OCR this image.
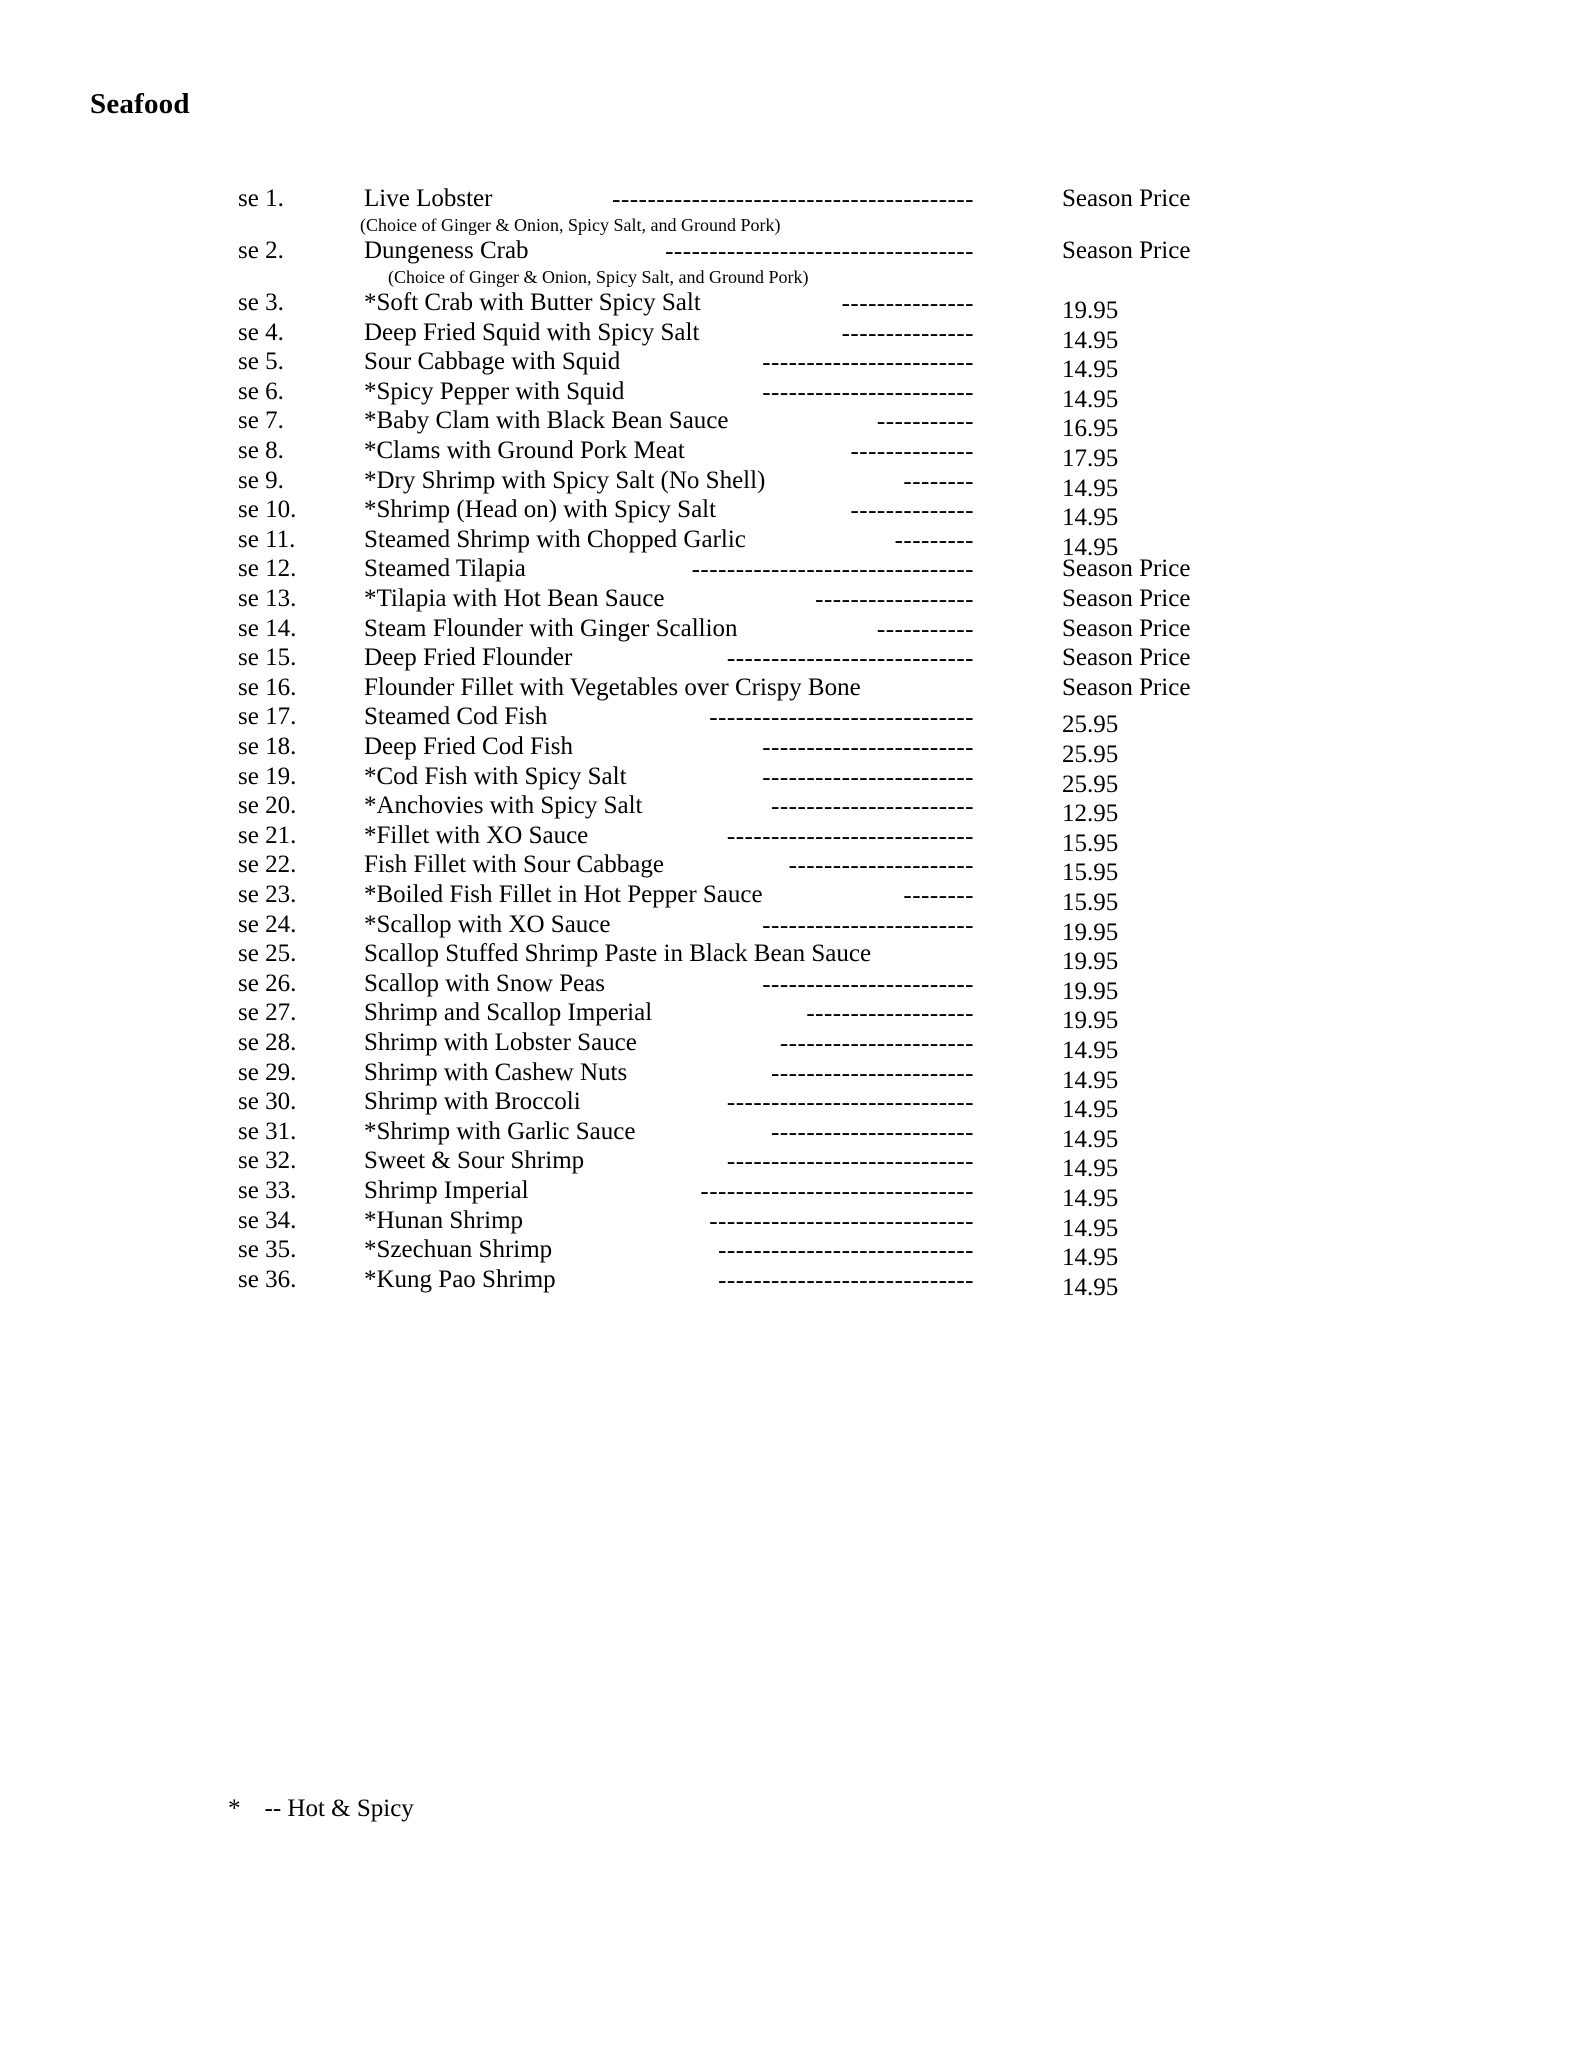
Seafood
se 1.	Live Lobster	-----------------------------------------	Season Price
(Choice of Ginger & Onion, Spicy Salt, and Ground Pork)
se 2.	Dungeness Crab	-----------------------------------	Season Price
(Choice of Ginger & Onion, Spicy Salt, and Ground Pork)
se 3.	*Soft Crab with Butter Spicy Salt	---------------	19.95
se 4.	Deep Fried Squid with Spicy Salt	---------------	14.95
se 5.	Sour Cabbage with Squid	------------------------	14.95
se 6.	*Spicy Pepper with Squid	------------------------	14.95
se 7.	*Baby Clam with Black Bean Sauce	-----------	16.95
se 8.	*Clams with Ground Pork Meat	--------------	17.95
se 9.	*Dry Shrimp with Spicy Salt (No Shell)	--------	14.95
se 10.	*Shrimp (Head on) with Spicy Salt	--------------	14.95
se 11.	Steamed Shrimp with Chopped Garlic	---------	14.95
se 12.	Steamed Tilapia	--------------------------------	Season Price
se 13.	*Tilapia with Hot Bean Sauce	------------------	Season Price
se 14.	Steam Flounder with Ginger Scallion	-----------	Season Price
se 15.	Deep Fried Flounder	----------------------------	Season Price
se 16.	Flounder Fillet with Vegetables over Crispy Bone	Season Price
se 17.	Steamed Cod Fish	------------------------------	25.95
se 18.	Deep Fried Cod Fish	------------------------	25.95
se 19.	*Cod Fish with Spicy Salt	------------------------	25.95
se 20.	*Anchovies with Spicy Salt	-----------------------	12.95
se 21.	*Fillet with XO Sauce	----------------------------	15.95
se 22.	Fish Fillet with Sour Cabbage	---------------------	15.95
se 23.	*Boiled Fish Fillet in Hot Pepper Sauce	--------	15.95
se 24.	*Scallop with XO Sauce	------------------------	19.95
se 25.	Scallop Stuffed Shrimp Paste in Black Bean Sauce	19.95
se 26.	Scallop with Snow Peas	------------------------	19.95
se 27.	Shrimp and Scallop Imperial	-------------------	19.95
se 28.	Shrimp with Lobster Sauce	----------------------	14.95
se 29.	Shrimp with Cashew Nuts	-----------------------	14.95
se 30.	Shrimp with Broccoli	----------------------------	14.95
se 31.	*Shrimp with Garlic Sauce	-----------------------	14.95
se 32.	Sweet & Sour Shrimp	----------------------------	14.95
se 33.	Shrimp Imperial	-------------------------------	14.95
se 34.	*Hunan Shrimp	------------------------------	14.95
se 35.	*Szechuan Shrimp	-----------------------------	14.95
se 36.	*Kung Pao Shrimp	-----------------------------	14.95
* -- Hot & Spicy
